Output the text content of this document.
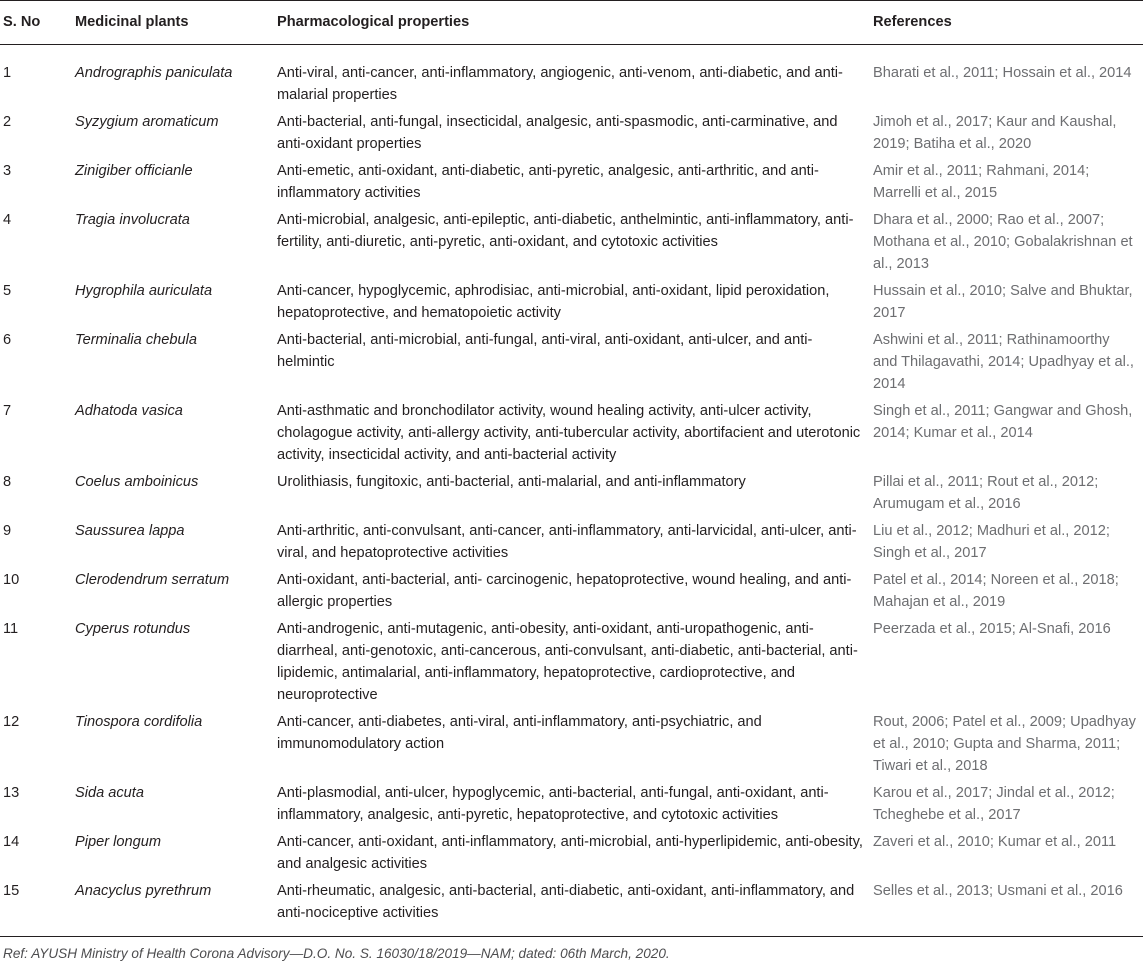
S. No	Medicinal plants	Pharmacological properties	References
1	Andrographis paniculata	Anti-viral, anti-cancer, anti-inflammatory, angiogenic, anti-venom, anti-diabetic, and anti-malarial properties	Bharati et al., 2011; Hossain et al., 2014
2	Syzygium aromaticum	Anti-bacterial, anti-fungal, insecticidal, analgesic, anti-spasmodic, anti-carminative, and anti-oxidant properties	Jimoh et al., 2017; Kaur and Kaushal, 2019; Batiha et al., 2020
3	Zinigiber officianle	Anti-emetic, anti-oxidant, anti-diabetic, anti-pyretic, analgesic, anti-arthritic, and anti-inflammatory activities	Amir et al., 2011; Rahmani, 2014; Marrelli et al., 2015
4	Tragia involucrata	Anti-microbial, analgesic, anti-epileptic, anti-diabetic, anthelmintic, anti-inflammatory, anti-fertility, anti-diuretic, anti-pyretic, anti-oxidant, and cytotoxic activities	Dhara et al., 2000; Rao et al., 2007; Mothana et al., 2010; Gobalakrishnan et al., 2013
5	Hygrophila auriculata	Anti-cancer, hypoglycemic, aphrodisiac, anti-microbial, anti-oxidant, lipid peroxidation, hepatoprotective, and hematopoietic activity	Hussain et al., 2010; Salve and Bhuktar, 2017
6	Terminalia chebula	Anti-bacterial, anti-microbial, anti-fungal, anti-viral, anti-oxidant, anti-ulcer, and anti-helmintic	Ashwini et al., 2011; Rathinamoorthy and Thilagavathi, 2014; Upadhyay et al., 2014
7	Adhatoda vasica	Anti-asthmatic and bronchodilator activity, wound healing activity, anti-ulcer activity, cholagogue activity, anti-allergy activity, anti-tubercular activity, abortifacient and uterotonic activity, insecticidal activity, and anti-bacterial activity	Singh et al., 2011; Gangwar and Ghosh, 2014; Kumar et al., 2014
8	Coelus amboinicus	Urolithiasis, fungitoxic, anti-bacterial, anti-malarial, and anti-inflammatory	Pillai et al., 2011; Rout et al., 2012; Arumugam et al., 2016
9	Saussurea lappa	Anti-arthritic, anti-convulsant, anti-cancer, anti-inflammatory, anti-larvicidal, anti-ulcer, anti-viral, and hepatoprotective activities	Liu et al., 2012; Madhuri et al., 2012; Singh et al., 2017
10	Clerodendrum serratum	Anti-oxidant, anti-bacterial, anti- carcinogenic, hepatoprotective, wound healing, and anti-allergic properties	Patel et al., 2014; Noreen et al., 2018; Mahajan et al., 2019
11	Cyperus rotundus	Anti-androgenic, anti-mutagenic, anti-obesity, anti-oxidant, anti-uropathogenic, anti-diarrheal, anti-genotoxic, anti-cancerous, anti-convulsant, anti-diabetic, anti-bacterial, anti-lipidemic, antimalarial, anti-inflammatory, hepatoprotective, cardioprotective, and neuroprotective	Peerzada et al., 2015; Al-Snafi, 2016
12	Tinospora cordifolia	Anti-cancer, anti-diabetes, anti-viral, anti-inflammatory, anti-psychiatric, and immunomodulatory action	Rout, 2006; Patel et al., 2009; Upadhyay et al., 2010; Gupta and Sharma, 2011; Tiwari et al., 2018
13	Sida acuta	Anti-plasmodial, anti-ulcer, hypoglycemic, anti-bacterial, anti-fungal, anti-oxidant, anti-inflammatory, analgesic, anti-pyretic, hepatoprotective, and cytotoxic activities	Karou et al., 2017; Jindal et al., 2012; Tcheghebe et al., 2017
14	Piper longum	Anti-cancer, anti-oxidant, anti-inflammatory, anti-microbial, anti-hyperlipidemic, anti-obesity, and analgesic activities	Zaveri et al., 2010; Kumar et al., 2011
15	Anacyclus pyrethrum	Anti-rheumatic, analgesic, anti-bacterial, anti-diabetic, anti-oxidant, anti-inflammatory, and anti-nociceptive activities	Selles et al., 2013; Usmani et al., 2016
Ref: AYUSH Ministry of Health Corona Advisory—D.O. No. S. 16030/18/2019—NAM; dated: 06th March, 2020.			
